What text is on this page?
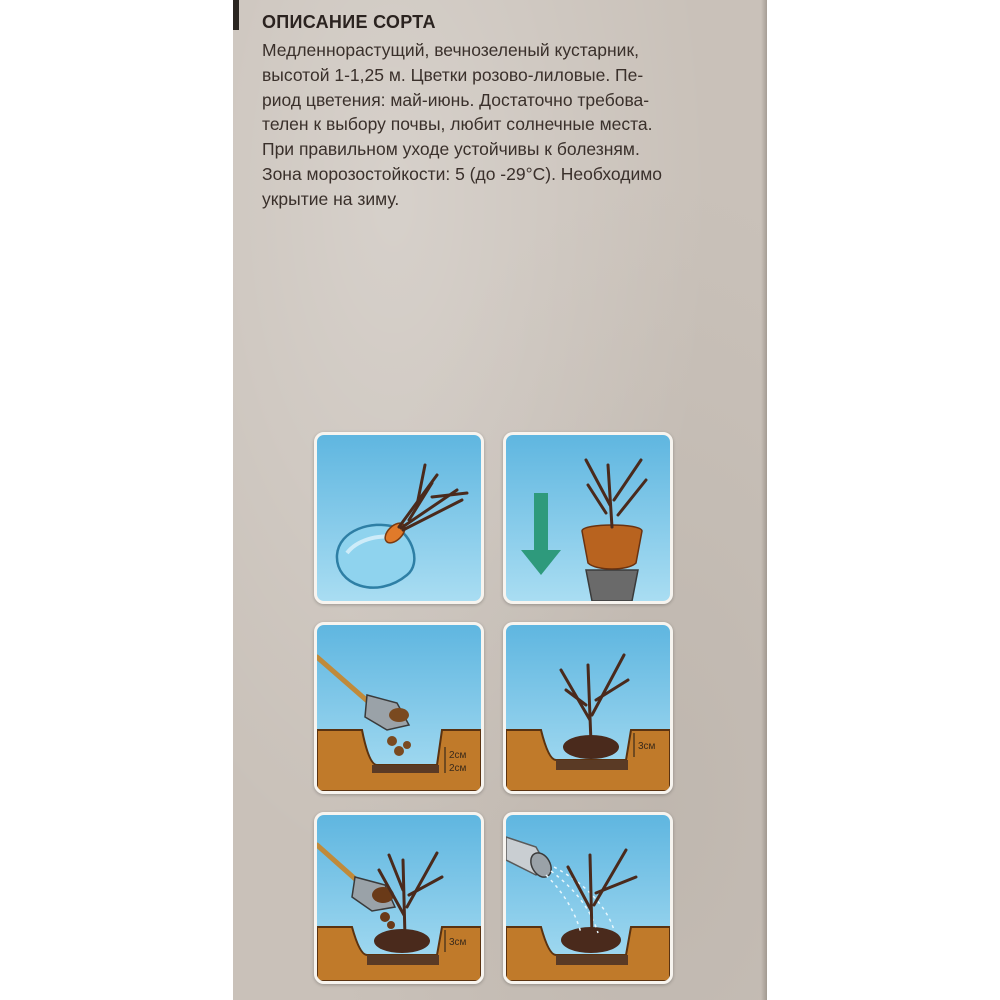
ОПИСАНИЕ СОРТА
Медленнорастущий, вечнозеленый кустарник,
высотой 1-1,25 м. Цветки розово-лиловые. Пе-
риод цветения: май-июнь. Достаточно требова-
телен к выбору почвы, любит солнечные места.
При правильном уходе устойчивы к болезням.
Зона морозостойкости: 5 (до -29°C). Необходимо
укрытие на зиму.
2см
2см
3см
3см
